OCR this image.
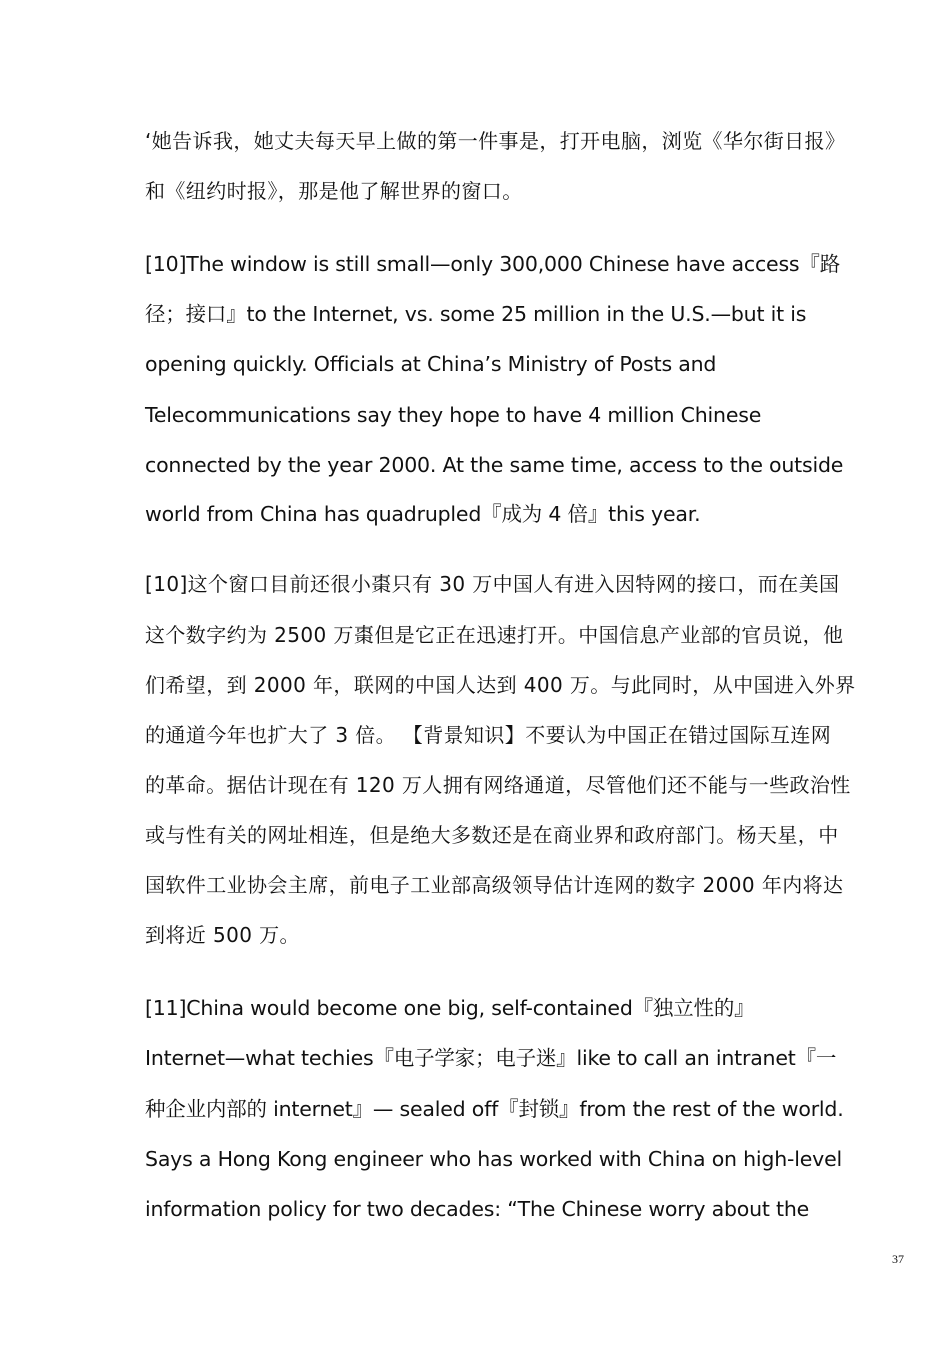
‘她告诉我，她丈夫每天早上做的第一件事是，打开电脑，浏览《华尔街日报》
和《纽约时报》，那是他了解世界的窗口。
[10]The window is still small—only 300,000 Chinese have access『路
径；接口』to the Internet, vs. some 25 million in the U.S.—but it is
opening quickly. Officials at China’s Ministry of Posts and
Telecommunications say they hope to have 4 million Chinese
connected by the year 2000. At the same time, access to the outside
world from China has quadrupled『成为 4 倍』this year.
[10]这个窗口目前还很小棗只有 30 万中国人有进入因特网的接口，而在美国
这个数字约为 2500 万棗但是它正在迅速打开。中国信息产业部的官员说，他
们希望，到 2000 年，联网的中国人达到 400 万。与此同时，从中国进入外界
的通道今年也扩大了 3 倍。 【背景知识】不要认为中国正在错过国际互连网
的革命。据估计现在有 120 万人拥有网络通道，尽管他们还不能与一些政治性
或与性有关的网址相连，但是绝大多数还是在商业界和政府部门。杨天星，中
国软件工业协会主席，前电子工业部高级领导估计连网的数字 2000 年内将达
到将近 500 万。
[11]China would become one big, self-contained『独立性的』
Internet—what techies『电子学家；电子迷』like to call an intranet『一
种企业内部的 internet』— sealed off『封锁』from the rest of the world.
Says a Hong Kong engineer who has worked with China on high-level
information policy for two decades: “The Chinese worry about the
37
